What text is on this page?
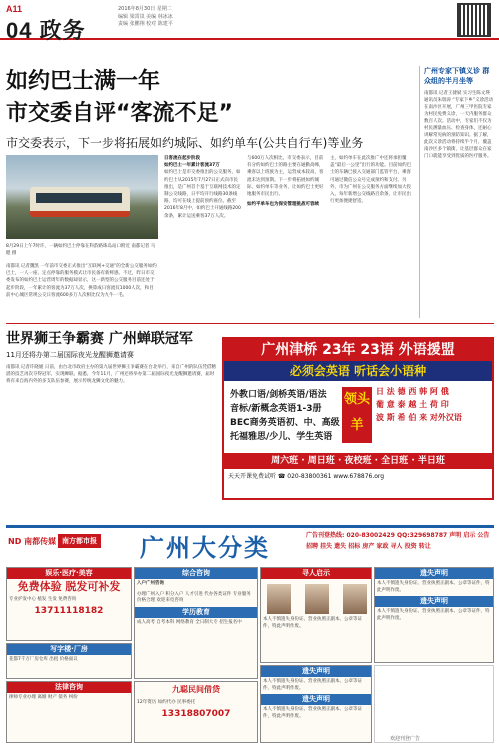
A11
04 政务
2016年8月30日 星期二
编辑 梁霄岚 美编 林冰冰
责编 张鹏翔 校对 陈建平
如约巴士满一年
市交委自评“客流不足”
市交委表示，下一步将拓展如约城际、如约单车(公共自行车)等业务
8月29日上午7时许，一辆如约巴士停靠在科韵路珠岛站口附近 南都记者 马健 摄
南都讯 记者魏凯 一年前市交委正式推出“互联网+交通”的全新公交服务如约巴士，一人一座、定点停靠的服务模式让市民备有新鲜感。不过，昨日市交委发布的如约巴士运营周年的数据却显示，这一新型的公交服务目前还处于起步阶段，一年累计的客流为37万人次，换算成日客流仅1000人次，和目前中心城区常规公交日客流600多万人次相比仅为九牛一毛。
日客流在起步阶段
如约巴士一年累计客流37万
如约巴士是市交委推出的公交服务，如约巴士从2015年7月27日正式向市民推出，是广州首个基于互联网技术的定制公交线路，日平均开行线路30条线路，均可在线上提前预约座位。截至2016年8月中，如约巴士开通线路200余条，累计运送乘客37万人次。
与600万人次相比，市交委表示，目前有分约如约巴士的路主要在通勤高峰，乘客以上班族为主，运营成本较高，客流未达到预期。下一步将拓展如约城际、如约单车等业务，让如约巴士更好地服务市民出行。
如约平单车也为保安管理挑战可容续
主，如约单车在此次推广中还将承担覆盖“最后一公里”出行的功能。目前如约巴士的车辆已接入交通部门监管平台，乘客可通过微信公众号完成预约和支付。另外，市为广州在公交服务方面继续加大投入，每年新增公交线路百余条，让市民出行更加便捷舒适。
广州专家下镇义诊 群众组的半月坐等
南都讯 记者王捷斌 实习生陈文瑛 通讯员朱瑞涛 “专家下乡”义诊活动在南沙区开展，广州三甲医院专家为村民免费义诊，一天内服务群众数百人次。活动中，专家们不仅为村民测量血压、检查身体，还耐心讲解常见病的预防知识。据了解，此次义诊活动将持续半个月，覆盖南沙区多个镇街，让基层群众在家门口就能享受到优质的医疗服务。
世界狮王争霸赛 广州蝉联冠军
11月还将办第二届国际夜光龙醒狮邀请赛
南都讯 记者许晓媛 日前，由台北市政府主办的第九届世界狮王争霸赛在台北举行，来自广州的队伍凭借精湛的技艺再次夺得冠军，实现蝉联。据悉，今年11月，广州还将举办第二届国际夜光龙醒狮邀请赛，届时将有来自海内外的多支队伍参赛，展示传统龙狮文化的魅力。
广州津桥 23年 23语 外语援盟
必须会英语 听话会小语种
外教口语/剑桥英语/语法
音标/新概念英语1-3册
BEC商务英语初、中、高级
托福雅思/少儿、学生英语
领头羊
日 法 德 西 韩 阿 俄
葡 意 泰 越 土 荷 印
波 斯 希 伯 来 对外汉语
周六班 · 周日班 · 夜校班 · 全日班 · 半日班
天天开课免费试听 ☎ 020-83800361 www.678876.org
ND 南都传媒 南方都市报 广州大分类	广告刊登热线: 020-83002429 QQ:329698787 声明 启示 公告 招聘 挂失 遗失 招标 房产 家政 寻人 投资 转让
娱乐·医疗·美容
免费体验 脱发可补发
专业护发中心 植发 生发 免费咨询
13711118182
写字楼·厂房
花都7千万厂房仓库 出租 价格面议
法律咨询
律师专业办理 离婚 财产 债务 纠纷
综合咨询
入户广州咨询
办理广州入户 积分入户 人才引进 代办各类证件 专业服务 价格合理 欢迎来电咨询
学历教育
成人高考 自考本科 网络教育 全日制大专 招生报名中
九聪民间借贷
12年资历 如约代办 民事委托
13318807007
寻人启示
本人不慎遗失身份证、营业执照正副本、公章等证件，特此声明作废。
遗失声明
本人不慎遗失身份证、营业执照正副本、公章等证件，特此声明作废。
遗失声明
本人不慎遗失身份证、营业执照正副本、公章等证件，特此声明作废。
遗失声明
本人不慎遗失身份证、营业执照正副本、公章等证件，特此声明作废。
遗失声明
本人不慎遗失身份证、营业执照正副本、公章等证件，特此声明作废。
欢迎刊登广告
